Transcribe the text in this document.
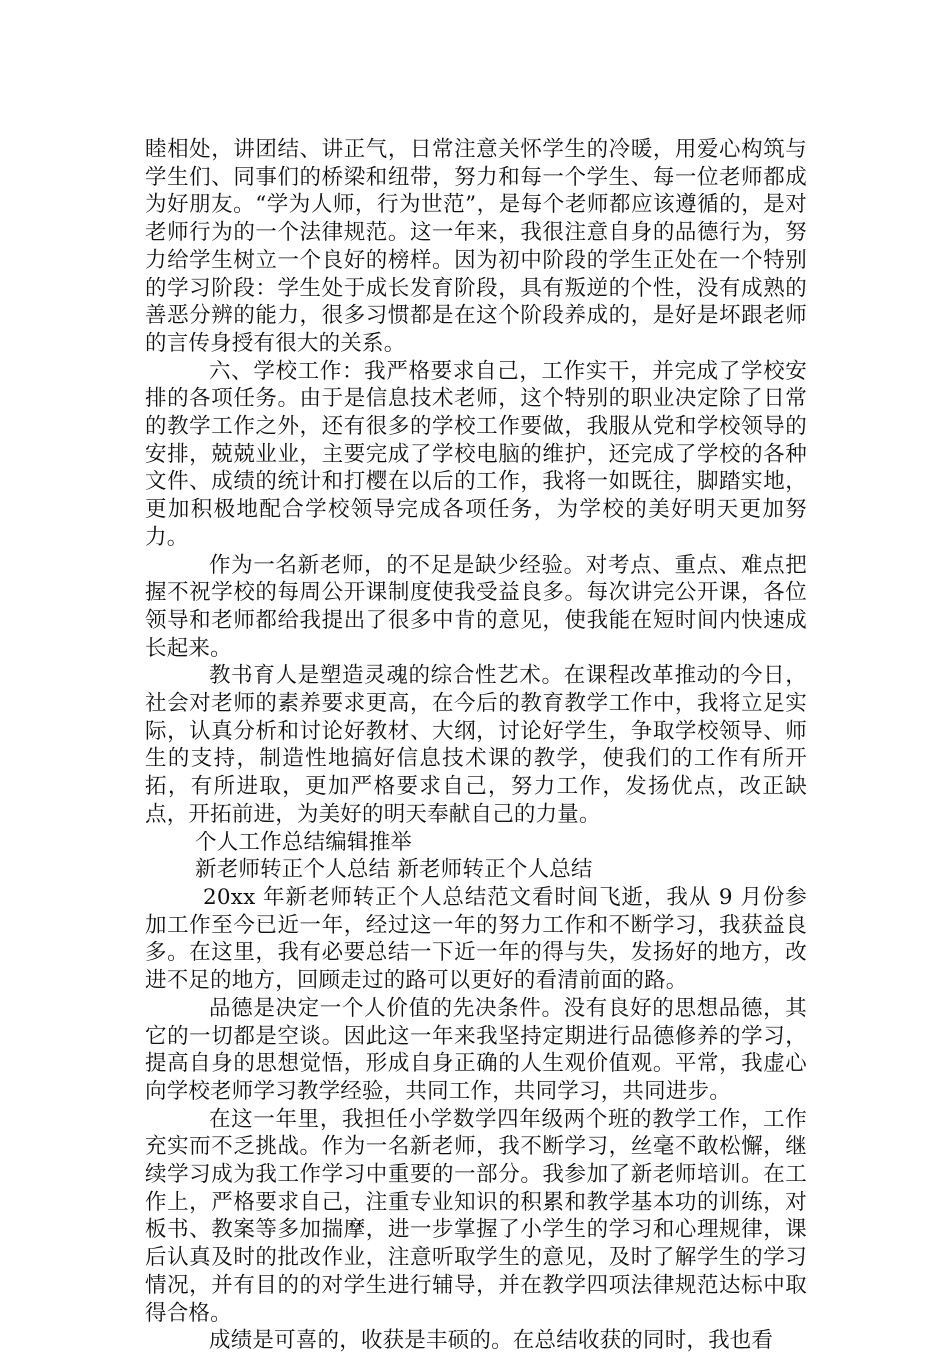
睦相处，讲团结、讲正气，日常注意关怀学生的冷暖，用爱心构筑与学生们、同事们的桥梁和纽带，努力和每一个学生、每一位老师都成为好朋友。“学为人师，行为世范”，是每个老师都应该遵循的，是对老师行为的一个法律规范。这一年来，我很注意自身的品德行为，努力给学生树立一个良好的榜样。因为初中阶段的学生正处在一个特别的学习阶段：学生处于成长发育阶段，具有叛逆的个性，没有成熟的善恶分辨的能力，很多习惯都是在这个阶段养成的，是好是坏跟老师的言传身授有很大的关系。

六、学校工作：我严格要求自己，工作实干，并完成了学校安排的各项任务。由于是信息技术老师，这个特别的职业决定除了日常的教学工作之外，还有很多的学校工作要做，我服从党和学校领导的安排，兢兢业业，主要完成了学校电脑的维护，还完成了学校的各种文件、成绩的统计和打樱在以后的工作，我将一如既往，脚踏实地，更加积极地配合学校领导完成各项任务，为学校的美好明天更加努力。

作为一名新老师，的不足是缺少经验。对考点、重点、难点把握不祝学校的每周公开课制度使我受益良多。每次讲完公开课，各位领导和老师都给我提出了很多中肯的意见，使我能在短时间内快速成长起来。

教书育人是塑造灵魂的综合性艺术。在课程改革推动的今日，社会对老师的素养要求更高，在今后的教育教学工作中，我将立足实际，认真分析和讨论好教材、大纲，讨论好学生，争取学校领导、师生的支持，制造性地搞好信息技术课的教学，使我们的工作有所开拓，有所进取，更加严格要求自己，努力工作，发扬优点，改正缺点，开拓前进，为美好的明天奉献自己的力量。

个人工作总结编辑推举

新老师转正个人总结 新老师转正个人总结

20xx 年新老师转正个人总结范文看时间飞逝，我从 9 月份参加工作至今已近一年，经过这一年的努力工作和不断学习，我获益良多。在这里，我有必要总结一下近一年的得与失，发扬好的地方，改进不足的地方，回顾走过的路可以更好的看清前面的路。

品德是决定一个人价值的先决条件。没有良好的思想品德，其它的一切都是空谈。因此这一年来我坚持定期进行品德修养的学习，提高自身的思想觉悟，形成自身正确的人生观价值观。平常，我虚心向学校老师学习教学经验，共同工作，共同学习，共同进步。

在这一年里，我担任小学数学四年级两个班的教学工作，工作充实而不乏挑战。作为一名新老师，我不断学习，丝毫不敢松懈，继续学习成为我工作学习中重要的一部分。我参加了新老师培训。在工作上，严格要求自己，注重专业知识的积累和教学基本功的训练，对板书、教案等多加揣摩，进一步掌握了小学生的学习和心理规律，课后认真及时的批改作业，注意听取学生的意见，及时了解学生的学习情况，并有目的的对学生进行辅导，并在教学四项法律规范达标中取得合格。

成绩是可喜的，收获是丰硕的。在总结收获的同时，我也看
